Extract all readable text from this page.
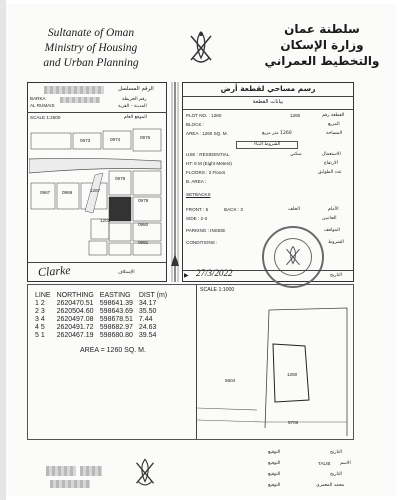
Sultanate of Oman
Ministry of Housing
and Urban Planning
سلطنة عمان
وزارة الإسكان
والتخطيط العمراني
الرقم المسلسل
رقم الخريطة
BARKA
AL RUMAIS	المدينة - القرية
SCALE 1:2500	الموقع العام
0976
0974
0973
1267
0978
1203
0979
0980
0981
0967	0969
Clarke	الإستلاف
رسم مساحي لقطعة أرض
بيانات القطعة
PLOT NO. : 1260	القطعة رقم
1260
BLOCK :	المربع
AREA : 1260 SQ. M.	1260 متر مربع	المساحة
الشروط البناء
USE : RESIDENTIAL	سكني	الاستعمال
HT: 8 M (Eight Meters)	الارتفاع
FLOORS : 2 Floors	عدد الطوابق
B. AREA :
SETBACKS
FRONT : 5	BACK : 3	الأمام
الخلف
SIDE : 2-3	الجانبين
PARKING : INSIDE	المواقف
CONDITIONS :	الشروط
27/3/2022	التاريخ
▶
LINE	NORTHING	EASTING	DIST (m)
1 2	2620470.51	598641.39	34.17
2 3	2620504.60	598643.69	35.50
3 4	2620497.08	598678.51	7.44
4 5	2620491.72	598682.97	24.63
5 1	2620467.19	598680.80	39.54
AREA = 1260 SQ. M.
SCALE 1:1000
1260
5604
5706
التوقيع	التاريخ
TALIB
التوقيع	الاسم
التوقيع	التاريخ
التوقيع	محمد المعمري
